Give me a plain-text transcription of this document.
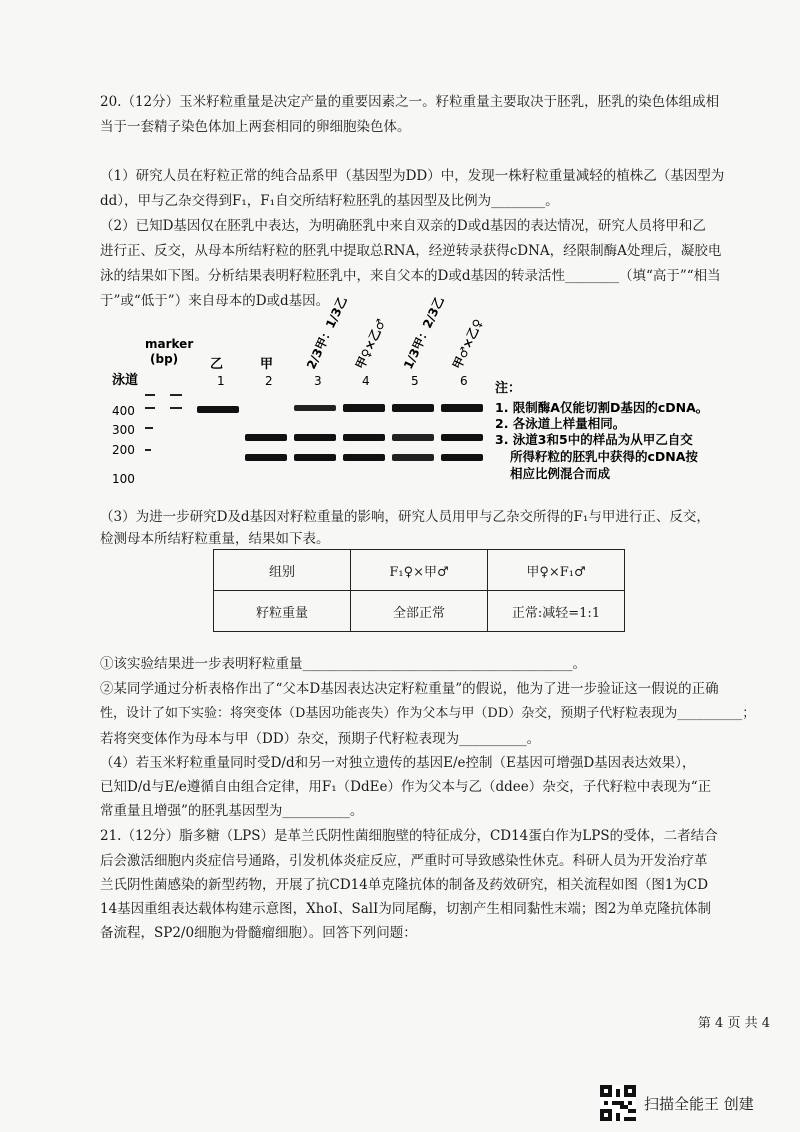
20.（12分）玉米籽粒重量是决定产量的重要因素之一。籽粒重量主要取决于胚乳，胚乳的染色体组成相
当于一套精子染色体加上两套相同的卵细胞染色体。
（1）研究人员在籽粒正常的纯合品系甲（基因型为DD）中，发现一株籽粒重量减轻的植株乙（基因型为
dd），甲与乙杂交得到F₁，F₁自交所结籽粒胚乳的基因型及比例为________。
（2）已知D基因仅在胚乳中表达，为明确胚乳中来自双亲的D或d基因的表达情况，研究人员将甲和乙
进行正、反交，从母本所结籽粒的胚乳中提取总RNA，经逆转录获得cDNA，经限制酶A处理后，凝胶电
泳的结果如下图。分析结果表明籽粒胚乳中，来自父本的D或d基因的转录活性________（填“高于”“相当
于”或“低于”）来自母本的D或d基因。
marker
(bp) 乙	甲	2/3甲：1/3乙 甲♀×乙♂ 1/3甲：2/3乙 甲♂×乙♀
泳道	1	2	3	4	5	6
400
300
200
100
注：
1. 限制酶A仅能切割D基因的cDNA。
2. 各泳道上样量相同。
3. 泳道3和5中的样品为从甲乙自交
所得籽粒的胚乳中获得的cDNA按
相应比例混合而成
（3）为进一步研究D及d基因对籽粒重量的影响，研究人员用甲与乙杂交所得的F₁与甲进行正、反交，
检测母本所结籽粒重量，结果如下表。
组别	F₁♀×甲♂	甲♀×F₁♂
籽粒重量	全部正常	正常:减轻=1:1
①该实验结果进一步表明籽粒重量________________________________________。
②某同学通过分析表格作出了“父本D基因表达决定籽粒重量”的假说，他为了进一步验证这一假说的正确
性，设计了如下实验：将突变体（D基因功能丧失）作为父本与甲（DD）杂交，预期子代籽粒表现为__________；
若将突变体作为母本与甲（DD）杂交，预期子代籽粒表现为__________。
（4）若玉米籽粒重量同时受D/d和另一对独立遗传的基因E/e控制（E基因可增强D基因表达效果），
已知D/d与E/e遵循自由组合定律，用F₁（DdEe）作为父本与乙（ddee）杂交，子代籽粒中表现为“正
常重量且增强”的胚乳基因型为__________。
21.（12分）脂多糖（LPS）是革兰氏阴性菌细胞壁的特征成分，CD14蛋白作为LPS的受体，二者结合
后会激活细胞内炎症信号通路，引发机体炎症反应，严重时可导致感染性休克。科研人员为开发治疗革
兰氏阴性菌感染的新型药物，开展了抗CD14单克隆抗体的制备及药效研究，相关流程如图（图1为CD
14基因重组表达载体构建示意图，XhoI、SalI为同尾酶，切割产生相同黏性末端；图2为单克隆抗体制
备流程，SP2/0细胞为骨髓瘤细胞）。回答下列问题：
第 4 页 共 4
扫描全能王 创建
